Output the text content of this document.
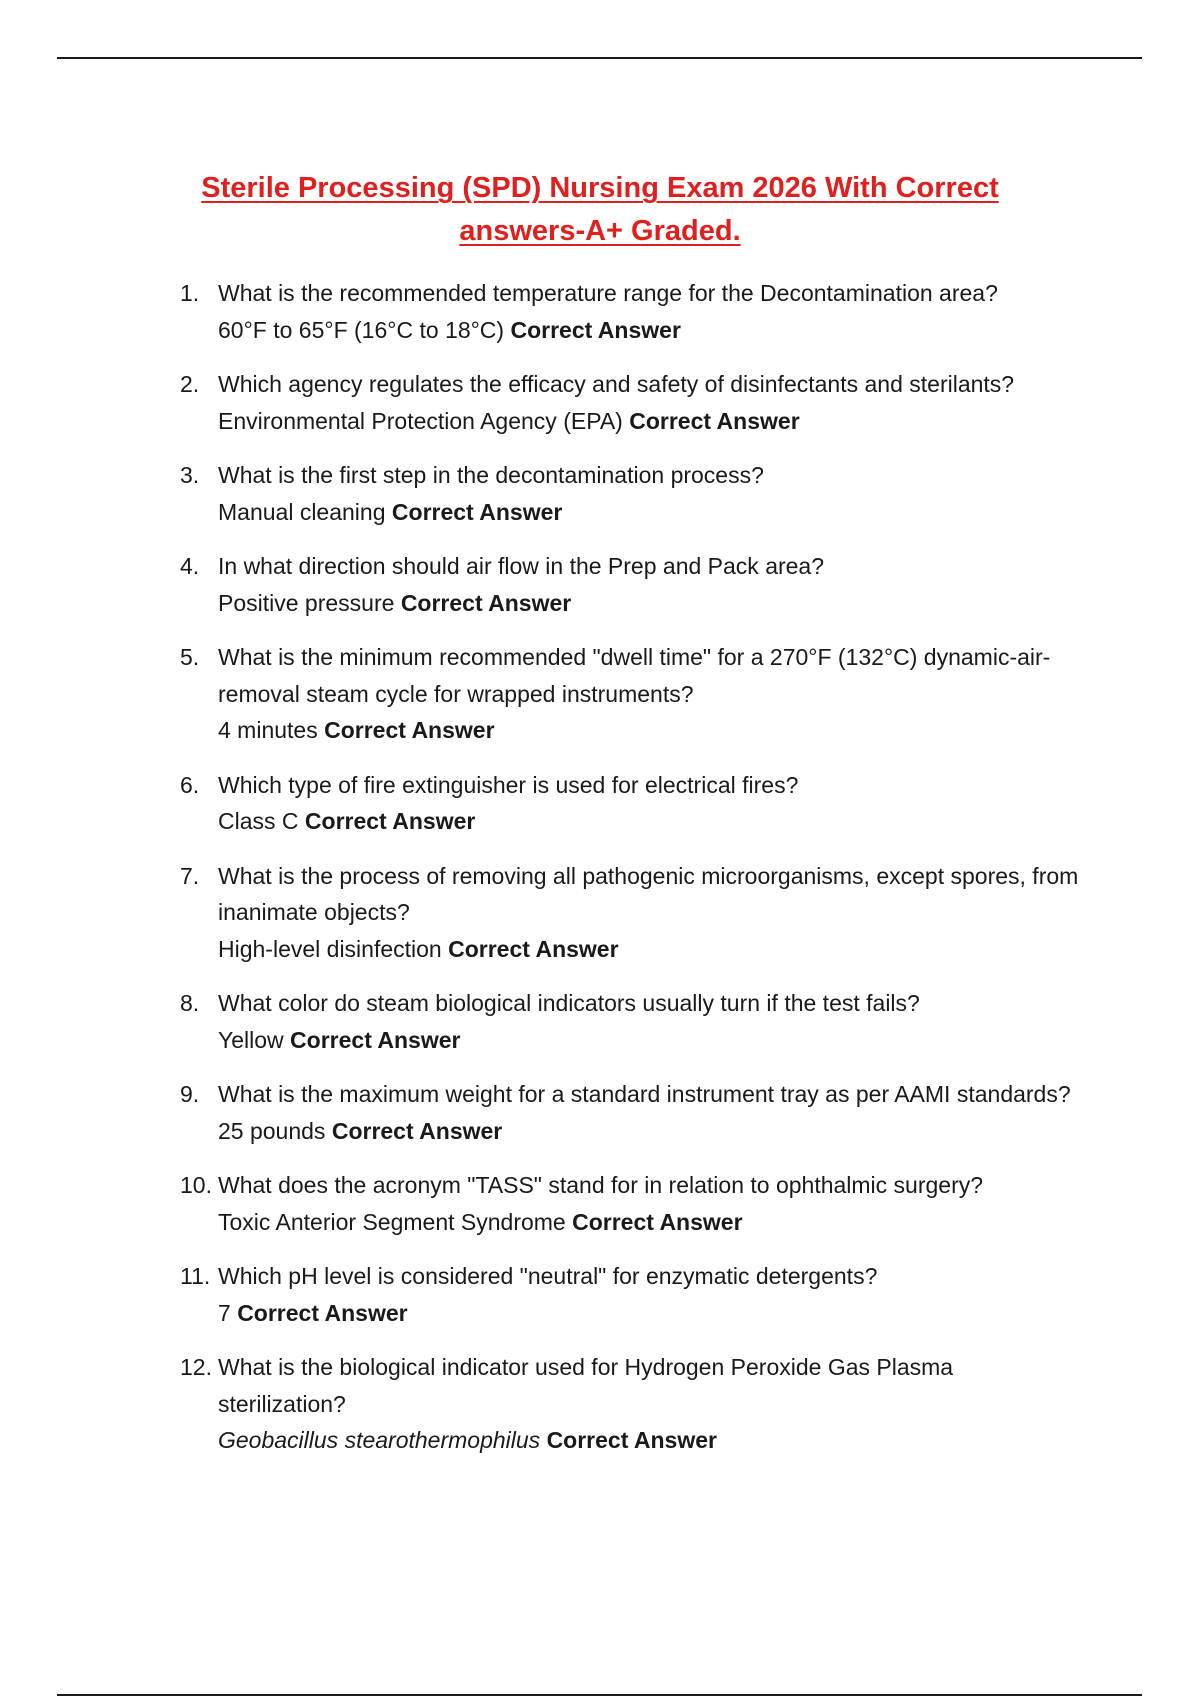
Sterile Processing (SPD) Nursing Exam 2026 With Correct
answers-A+ Graded.
1. What is the recommended temperature range for the Decontamination area?
60°F to 65°F (16°C to 18°C) Correct Answer
2. Which agency regulates the efficacy and safety of disinfectants and sterilants?
Environmental Protection Agency (EPA) Correct Answer
3. What is the first step in the decontamination process?
Manual cleaning Correct Answer
4. In what direction should air flow in the Prep and Pack area?
Positive pressure Correct Answer
5. What is the minimum recommended "dwell time" for a 270°F (132°C) dynamic-air-removal steam cycle for wrapped instruments?
4 minutes Correct Answer
6. Which type of fire extinguisher is used for electrical fires?
Class C Correct Answer
7. What is the process of removing all pathogenic microorganisms, except spores, from inanimate objects?
High-level disinfection Correct Answer
8. What color do steam biological indicators usually turn if the test fails?
Yellow Correct Answer
9. What is the maximum weight for a standard instrument tray as per AAMI standards?
25 pounds Correct Answer
10. What does the acronym "TASS" stand for in relation to ophthalmic surgery?
Toxic Anterior Segment Syndrome Correct Answer
11. Which pH level is considered "neutral" for enzymatic detergents?
7 Correct Answer
12. What is the biological indicator used for Hydrogen Peroxide Gas Plasma sterilization?
Geobacillus stearothermophilus Correct Answer
